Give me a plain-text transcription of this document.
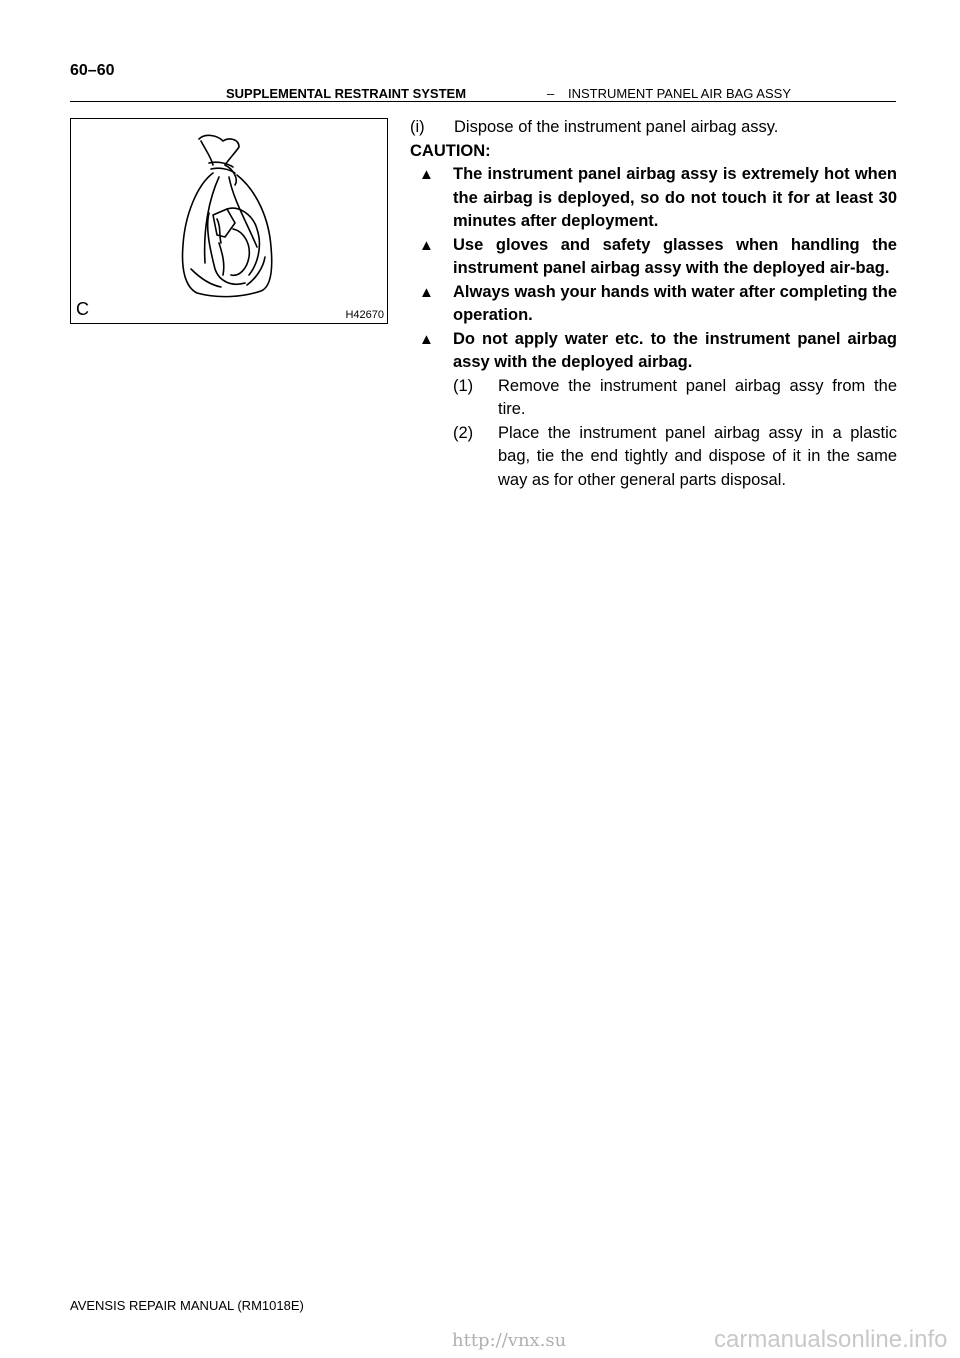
60–60
SUPPLEMENTAL RESTRAINT SYSTEM	– INSTRUMENT PANEL AIR BAG ASSY
C	H42670
(i) Dispose of the instrument panel airbag assy.
CAUTION:
▲ The instrument panel airbag assy is extremely hot when the airbag is deployed, so do not touch it for at least 30 minutes after deployment.
▲ Use gloves and safety glasses when handling the instrument panel airbag assy with the deployed air-bag.
▲ Always wash your hands with water after completing the operation.
▲ Do not apply water etc. to the instrument panel airbag assy with the deployed airbag.
(1) Remove the instrument panel airbag assy from the tire.
(2) Place the instrument panel airbag assy in a plastic bag, tie the end tightly and dispose of it in the same way as for other general parts disposal.
AVENSIS REPAIR MANUAL (RM1018E)
http://vnx.su	carmanualsonline.info
